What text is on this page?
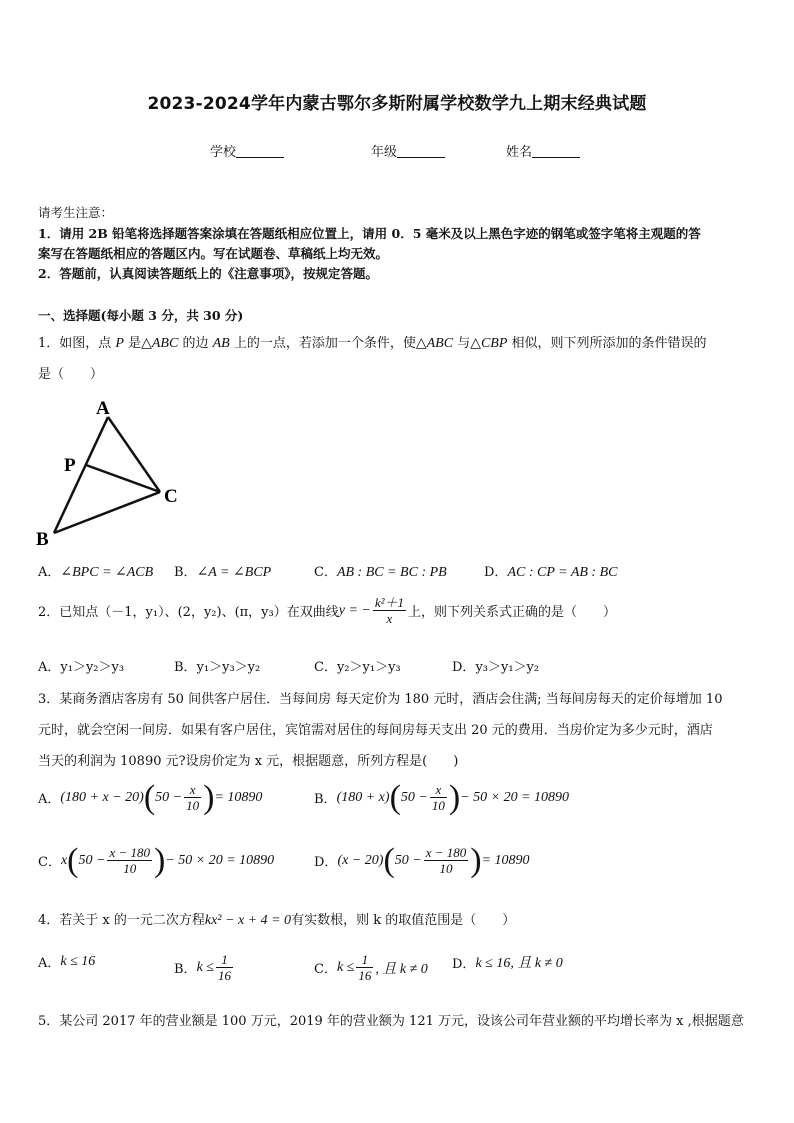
2023-2024学年内蒙古鄂尔多斯附属学校数学九上期末经典试题
学校	年级	姓名
请考生注意：
1．请用 2B 铅笔将选择题答案涂填在答题纸相应位置上，请用 0．5 毫米及以上黑色字迹的钢笔或签字笔将主观题的答
案写在答题纸相应的答题区内。写在试题卷、草稿纸上均无效。
2．答题前，认真阅读答题纸上的《注意事项》，按规定答题。
一、选择题(每小题 3 分，共 30 分)
1．如图，点 P 是△ABC 的边 AB 上的一点，若添加一个条件，使△ABC 与△CBP 相似，则下列所添加的条件错误的
是（　　）
A
P
C
B
A．∠BPC = ∠ACB B．∠A = ∠BCP	C．AB : BC = BC : PB	D．AC : CP = AB : BC
2．已知点（－1，y₁）、(2，y₂)、(π，y₃）在双曲线 y = − $\frac{\text{k²＋1}}{x}$ 上，则下列关系式正确的是（　　）
A．y₁＞y₂＞y₃	B．y₁＞y₃＞y₂	C．y₂＞y₁＞y₃	D．y₃＞y₁＞y₂
3．某商务酒店客房有 50 间供客户居住．当每间房 每天定价为 180 元时，酒店会住满; 当每间房每天的定价每增加 10
元时，就会空闲一间房．如果有客户居住，宾馆需对居住的每间房每天支出 20 元的费用．当房价定为多少元时，酒店
当天的利润为 10890 元?设房价定为 x 元，根据题意，所列方程是(　　)
A． (180 + x − 20) ( $50 - \frac{x}{10}$ ) = 10890	B． (180 + x) ( $50 - \frac{x}{10}$ ) − 50 × 20 = 10890
C． x ( $50 - \frac{x - 180}{10}$ ) − 50 × 20 = 10890	D． (x − 20) ( $50 - \frac{x - 180}{10}$ ) = 10890
4．若关于 x 的一元二次方程kx² − x + 4 = 0有实数根，则 k 的取值范围是（　　）
A． k ≤ 16
B． $k \le \frac{1}{16}$	C． $k \le \frac{1}{16}$ , 且 k ≠ 0 D． k ≤ 16, 且 k ≠ 0
5．某公司 2017 年的营业额是 100 万元，2019 年的营业额为 121 万元，设该公司年营业额的平均增长率为 x ,根据题意
